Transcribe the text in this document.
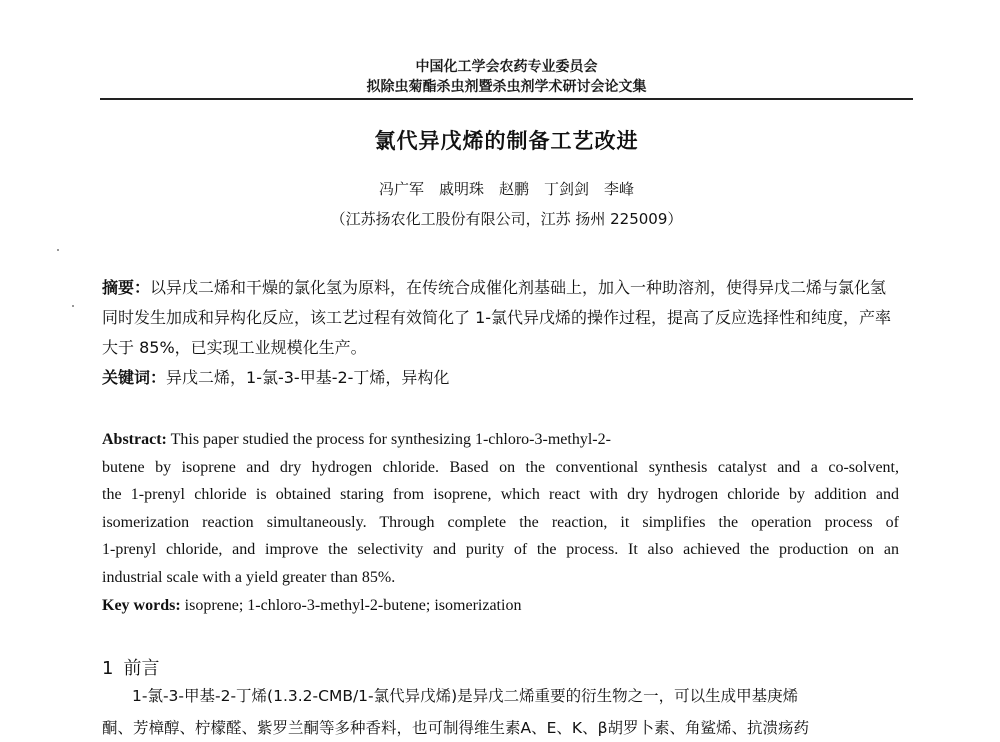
中国化工学会农药专业委员会
拟除虫菊酯杀虫剂暨杀虫剂学术研讨会论文集
氯代异戊烯的制备工艺改进
冯广军　戚明珠　赵鹏　丁剑剑　李峰
（江苏扬农化工股份有限公司，江苏 扬州 225009）
摘要：以异戊二烯和干燥的氯化氢为原料，在传统合成催化剂基础上，加入一种助溶剂，使得异戊二烯与氯化氢同时发生加成和异构化反应，该工艺过程有效简化了 1-氯代异戊烯的操作过程，提高了反应选择性和纯度，产率大于 85%，已实现工业规模化生产。
关键词：异戊二烯，1-氯-3-甲基-2-丁烯，异构化
Abstract: This paper studied the process for synthesizing 1-chloro-3-methyl-2-
butene by isoprene and dry hydrogen chloride. Based on the conventional synthesis catalyst and a co-solvent,
the 1-prenyl chloride is obtained staring from isoprene, which react with dry hydrogen chloride by addition and
isomerization reaction simultaneously. Through complete the reaction, it simplifies the operation process of
1-prenyl chloride, and improve the selectivity and purity of the process. It also achieved the production on an
industrial scale with a yield greater than 85%.
Key words: isoprene; 1-chloro-3-methyl-2-butene; isomerization
1 前言
1-氯-3-甲基-2-丁烯(1.3.2-CMB/1-氯代异戊烯)是异戊二烯重要的衍生物之一，可以生成甲基庚烯
酮、芳樟醇、柠檬醛、紫罗兰酮等多种香料，也可制得维生素A、E、K、β胡罗卜素、角鲨烯、抗溃疡药
